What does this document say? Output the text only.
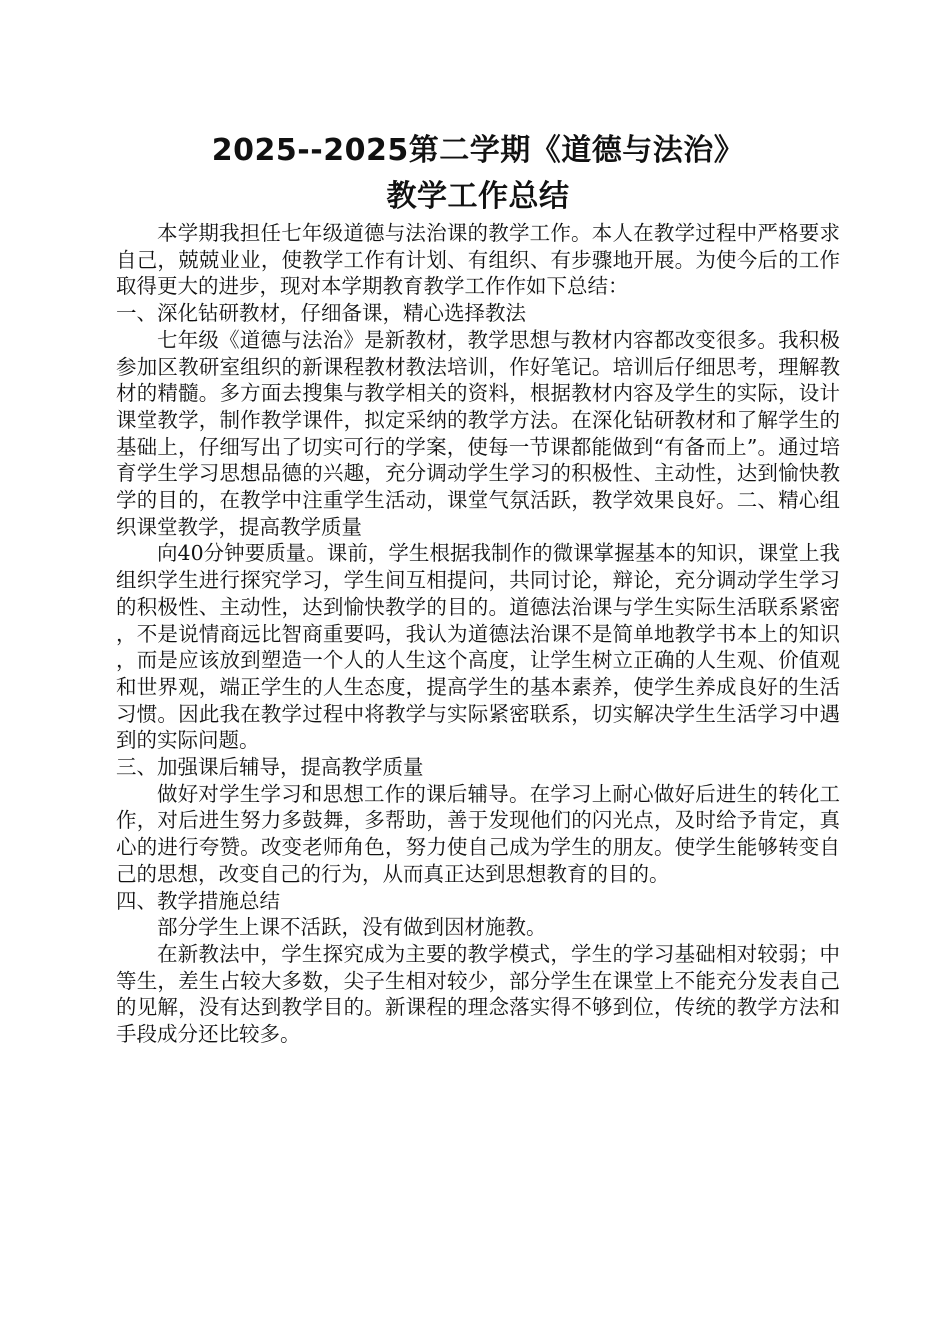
2025--2025第二学期《道德与法治》
教学工作总结

本学期我担任七年级道德与法治课的教学工作。本人在教学过程中严格要求自己，兢兢业业，使教学工作有计划、有组织、有步骤地开展。为使今后的工作取得更大的进步，现对本学期教育教学工作作如下总结：

一、深化钻研教材，仔细备课，精心选择教法

七年级《道德与法治》是新教材，教学思想与教材内容都改变很多。我积极参加区教研室组织的新课程教材教法培训，作好笔记。培训后仔细思考，理解教材的精髓。多方面去搜集与教学相关的资料，根据教材内容及学生的实际，设计课堂教学，制作教学课件，拟定采纳的教学方法。在深化钻研教材和了解学生的基础上，仔细写出了切实可行的学案，使每一节课都能做到“有备而上”。通过培育学生学习思想品德的兴趣，充分调动学生学习的积极性、主动性，达到愉快教学的目的，在教学中注重学生活动，课堂气氛活跃，教学效果良好。二、精心组织课堂教学，提高教学质量

向40分钟要质量。课前，学生根据我制作的微课掌握基本的知识，课堂上我组织学生进行探究学习，学生间互相提问，共同讨论，辩论，充分调动学生学习的积极性、主动性，达到愉快教学的目的。道德法治课与学生实际生活联系紧密，不是说情商远比智商重要吗，我认为道德法治课不是简单地教学书本上的知识，而是应该放到塑造一个人的人生这个高度，让学生树立正确的人生观、价值观和世界观，端正学生的人生态度，提高学生的基本素养，使学生养成良好的生活习惯。因此我在教学过程中将教学与实际紧密联系，切实解决学生生活学习中遇到的实际问题。

三、加强课后辅导，提高教学质量

做好对学生学习和思想工作的课后辅导。在学习上耐心做好后进生的转化工作，对后进生努力多鼓舞，多帮助，善于发现他们的闪光点，及时给予肯定，真心的进行夸赞。改变老师角色，努力使自己成为学生的朋友。使学生能够转变自己的思想，改变自己的行为，从而真正达到思想教育的目的。

四、教学措施总结

部分学生上课不活跃，没有做到因材施教。

在新教法中，学生探究成为主要的教学模式，学生的学习基础相对较弱；中等生，差生占较大多数，尖子生相对较少，部分学生在课堂上不能充分发表自己的见解，没有达到教学目的。新课程的理念落实得不够到位，传统的教学方法和手段成分还比较多。
